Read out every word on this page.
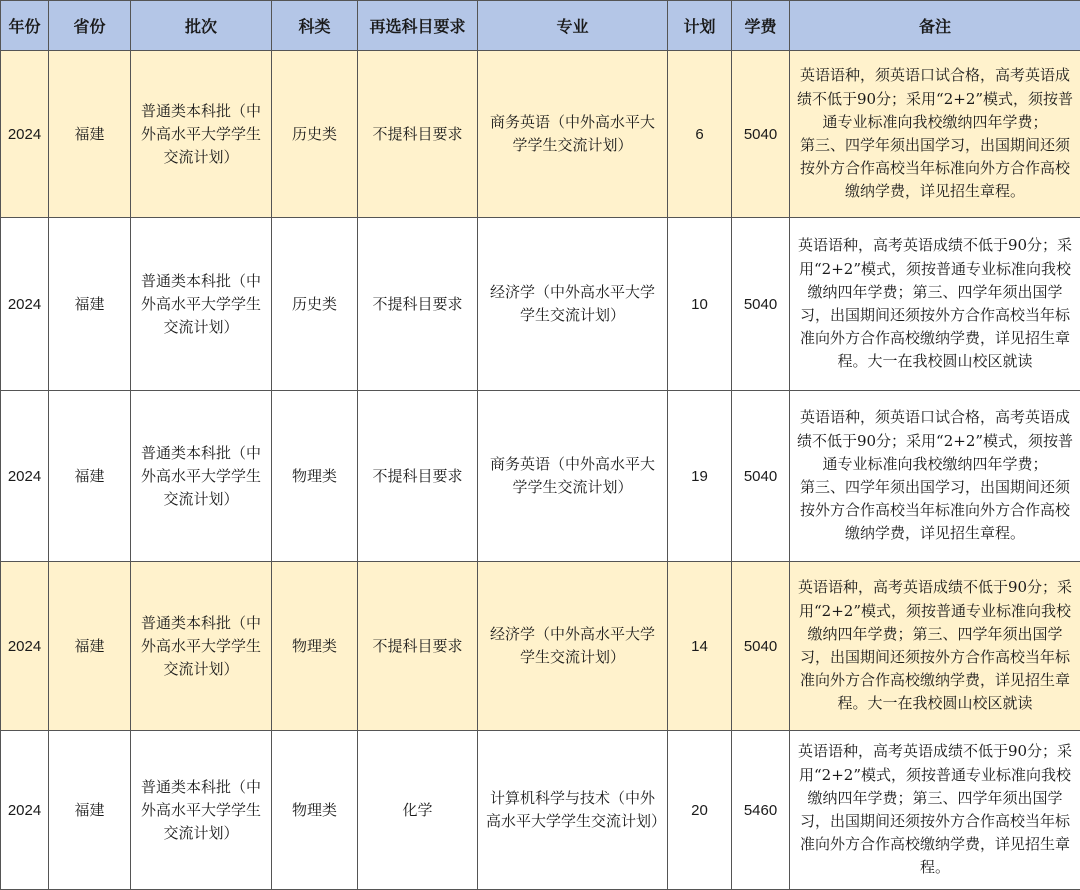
年份	省份	批次	科类	再选科目要求	专业	计划	学费	备注
2024	福建	普通类本科批（中外高水平大学学生交流计划）	历史类	不提科目要求	商务英语（中外高水平大学学生交流计划）	6	5040	英语语种，须英语口试合格，高考英语成绩不低于90分；采用“2+2”模式，须按普通专业标准向我校缴纳四年学费；
第三、四学年须出国学习，出国期间还须按外方合作高校当年标准向外方合作高校缴纳学费，详见招生章程。
2024	福建	普通类本科批（中外高水平大学学生交流计划）	历史类	不提科目要求	经济学（中外高水平大学学生交流计划）	10	5040	英语语种，高考英语成绩不低于90分；采用“2+2”模式，须按普通专业标准向我校缴纳四年学费；第三、四学年须出国学习，出国期间还须按外方合作高校当年标准向外方合作高校缴纳学费，详见招生章程。大一在我校圆山校区就读
2024	福建	普通类本科批（中外高水平大学学生交流计划）	物理类	不提科目要求	商务英语（中外高水平大学学生交流计划）	19	5040	英语语种，须英语口试合格，高考英语成绩不低于90分；采用“2+2”模式，须按普通专业标准向我校缴纳四年学费；
第三、四学年须出国学习，出国期间还须按外方合作高校当年标准向外方合作高校缴纳学费，详见招生章程。
2024	福建	普通类本科批（中外高水平大学学生交流计划）	物理类	不提科目要求	经济学（中外高水平大学学生交流计划）	14	5040	英语语种，高考英语成绩不低于90分；采用“2+2”模式，须按普通专业标准向我校缴纳四年学费；第三、四学年须出国学习，出国期间还须按外方合作高校当年标准向外方合作高校缴纳学费，详见招生章程。大一在我校圆山校区就读
2024	福建	普通类本科批（中外高水平大学学生交流计划）	物理类	化学	计算机科学与技术（中外高水平大学学生交流计划）	20	5460	英语语种，高考英语成绩不低于90分；采用“2+2”模式，须按普通专业标准向我校缴纳四年学费；第三、四学年须出国学习，出国期间还须按外方合作高校当年标准向外方合作高校缴纳学费，详见招生章程。
